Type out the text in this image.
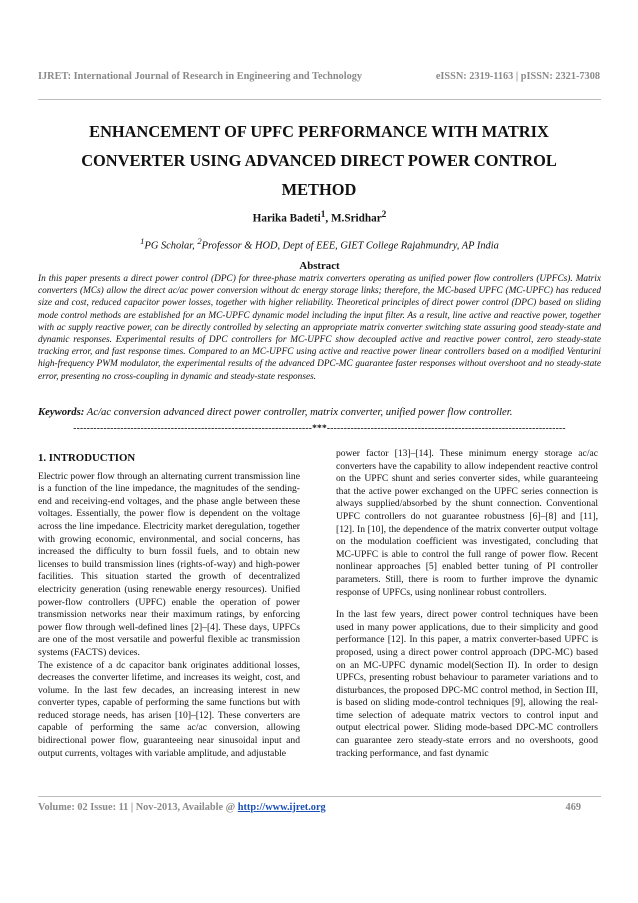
IJRET: International Journal of Research in Engineering and Technology	eISSN: 2319-1163 | pISSN: 2321-7308
ENHANCEMENT OF UPFC PERFORMANCE WITH MATRIX CONVERTER USING ADVANCED DIRECT POWER CONTROL METHOD
Harika Badeti$^1$, M.Sridhar$^2$
$^1$PG Scholar, $^2$Professor & HOD, Dept of EEE, GIET College Rajahmundry, AP India
Abstract
In this paper presents a direct power control (DPC) for three-phase matrix converters operating as unified power flow controllers (UPFCs). Matrix converters (MCs) allow the direct ac/ac power conversion without dc energy storage links; therefore, the MC-based UPFC (MC-UPFC) has reduced size and cost, reduced capacitor power losses, together with higher reliability. Theoretical principles of direct power control (DPC) based on sliding mode control methods are established for an MC-UPFC dynamic model including the input filter. As a result, line active and reactive power, together with ac supply reactive power, can be directly controlled by selecting an appropriate matrix converter switching state assuring good steady-state and dynamic responses. Experimental results of DPC controllers for MC-UPFC show decoupled active and reactive power control, zero steady-state tracking error, and fast response times. Compared to an MC-UPFC using active and reactive power linear controllers based on a modified Venturini high-frequency PWM modulator, the experimental results of the advanced DPC-MC guarantee faster responses without overshoot and no steady-state error, presenting no cross-coupling in dynamic and steady-state responses.
Keywords: Ac/ac conversion advanced direct power controller, matrix converter, unified power flow controller.
-----------------------------------------------------------------------***-----------------------------------------------------------------------
1. INTRODUCTION

Electric power flow through an alternating current transmission line is a function of the line impedance, the magnitudes of the sending-end and receiving-end voltages, and the phase angle between these voltages. Essentially, the power flow is dependent on the voltage across the line impedance. Electricity market deregulation, together with growing economic, environmental, and social concerns, has increased the difficulty to burn fossil fuels, and to obtain new licenses to build transmission lines (rights-of-way) and high-power facilities. This situation started the growth of decentralized electricity generation (using renewable energy resources). Unified power-flow controllers (UPFC) enable the operation of power transmission networks near their maximum ratings, by enforcing power flow through well-defined lines [2]–[4]. These days, UPFCs are one of the most versatile and powerful flexible ac transmission systems (FACTS) devices.

The existence of a dc capacitor bank originates additional losses, decreases the converter lifetime, and increases its weight, cost, and volume. In the last few decades, an increasing interest in new converter types, capable of performing the same functions but with reduced storage needs, has arisen [10]–[12]. These converters are capable of performing the same ac/ac conversion, allowing bidirectional power flow, guaranteeing near sinusoidal input and output currents, voltages with variable amplitude, and adjustable

power factor [13]–[14]. These minimum energy storage ac/ac converters have the capability to allow independent reactive control on the UPFC shunt and series converter sides, while guaranteeing that the active power exchanged on the UPFC series connection is always supplied/absorbed by the shunt connection. Conventional UPFC controllers do not guarantee robustness [6]–[8] and [11], [12]. In [10], the dependence of the matrix converter output voltage on the modulation coefficient was investigated, concluding that MC-UPFC is able to control the full range of power flow. Recent nonlinear approaches [5] enabled better tuning of PI controller parameters. Still, there is room to further improve the dynamic response of UPFCs, using nonlinear robust controllers.

In the last few years, direct power control techniques have been used in many power applications, due to their simplicity and good performance [12]. In this paper, a matrix converter-based UPFC is proposed, using a direct power control approach (DPC-MC) based on an MC-UPFC dynamic model(Section II). In order to design UPFCs, presenting robust behaviour to parameter variations and to disturbances, the proposed DPC-MC control method, in Section III, is based on sliding mode-control techniques [9], allowing the real-time selection of adequate matrix vectors to control input and output electrical power. Sliding mode-based DPC-MC controllers can guarantee zero steady-state errors and no overshoots, good tracking performance, and fast dynamic

Volume: 02 Issue: 11 | Nov-2013, Available @ http://www.ijret.org	469
